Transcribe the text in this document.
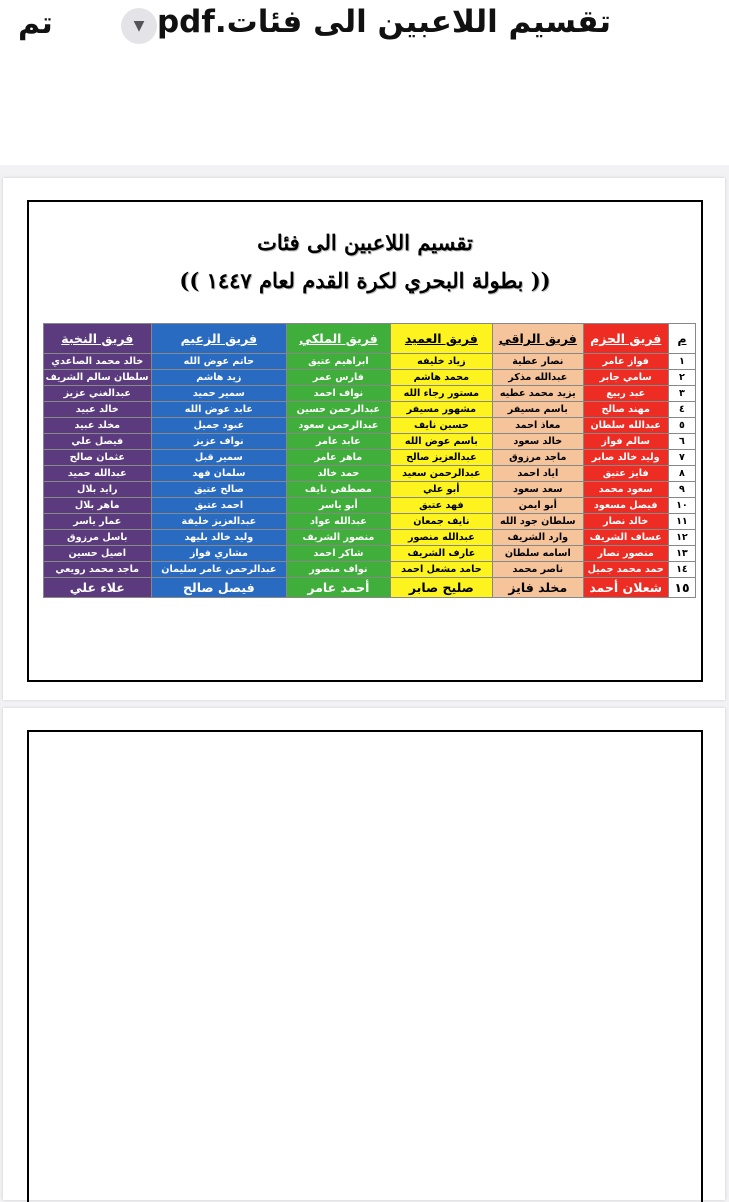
تم	▼ تقسيم اللاعبين الى فئات.pdf
تقسيم اللاعبين الى فئات
(( بطولة البحري لكرة القدم لعام ١٤٤٧ ))
م	فريق الحزم	فريق الراقي	فريق العميد	فريق الملكي	فريق الزعيم	فريق النخبة
١	فواز عامر	نصار عطية	زياد خليفه	ابراهيم عتيق	حاتم عوض الله	خالد محمد الصاعدي
٢	سامي جابر	عبدالله مذكر	محمد هاشم	فارس عمر	زيد هاشم	سلطان سالم الشريف
٣	عبد ربيع	يزيد محمد عطيه	مستور رجاء الله	نواف احمد	سمير حميد	عبدالغني عزيز
٤	مهند صالح	باسم مسيفر	مشهور مسيفر	عبدالرحمن حسين	عابد عوض الله	خالد عبيد
٥	عبدالله سلطان	معاذ احمد	حسين نايف	عبدالرحمن سعود	عبود جميل	مخلد عبيد
٦	سالم فواز	خالد سعود	باسم عوض الله	عابد عامر	نواف عزيز	فيصل علي
٧	وليد خالد صابر	ماجد مرزوق	عبدالعزيز صالح	ماهر عامر	سمير قبل	عثمان صالح
٨	فايز عتيق	اياد احمد	عبدالرحمن سعيد	حمد خالد	سلمان فهد	عبدالله حميد
٩	سعود محمد	سعد سعود	أبو علي	مصطفى نايف	صالح عتيق	رايد بلال
١٠	فيصل مسعود	أبو ايمن	فهد عتيق	أبو ياسر	احمد عتيق	ماهر بلال
١١	خالد نصار	سلطان جود الله	نايف جمعان	عبدالله عواد	عبدالعزيز خليفة	عمار ياسر
١٢	عساف الشريف	وارد الشريف	عبدالله منصور	منصور الشريف	وليد خالد بليهد	باسل مرزوق
١٣	منصور نصار	اسامه سلطان	عارف الشريف	شاكر احمد	مشاري فواز	اصيل حسين
١٤	حمد محمد جميل	ناصر محمد	حامد مشعل احمد	نواف منصور	عبدالرحمن عامر سليمان	ماجد محمد رويعي
١٥	شعلان أحمد	مخلد فايز	صليح صابر	أحمد عامر	فيصل صالح	علاء علي
